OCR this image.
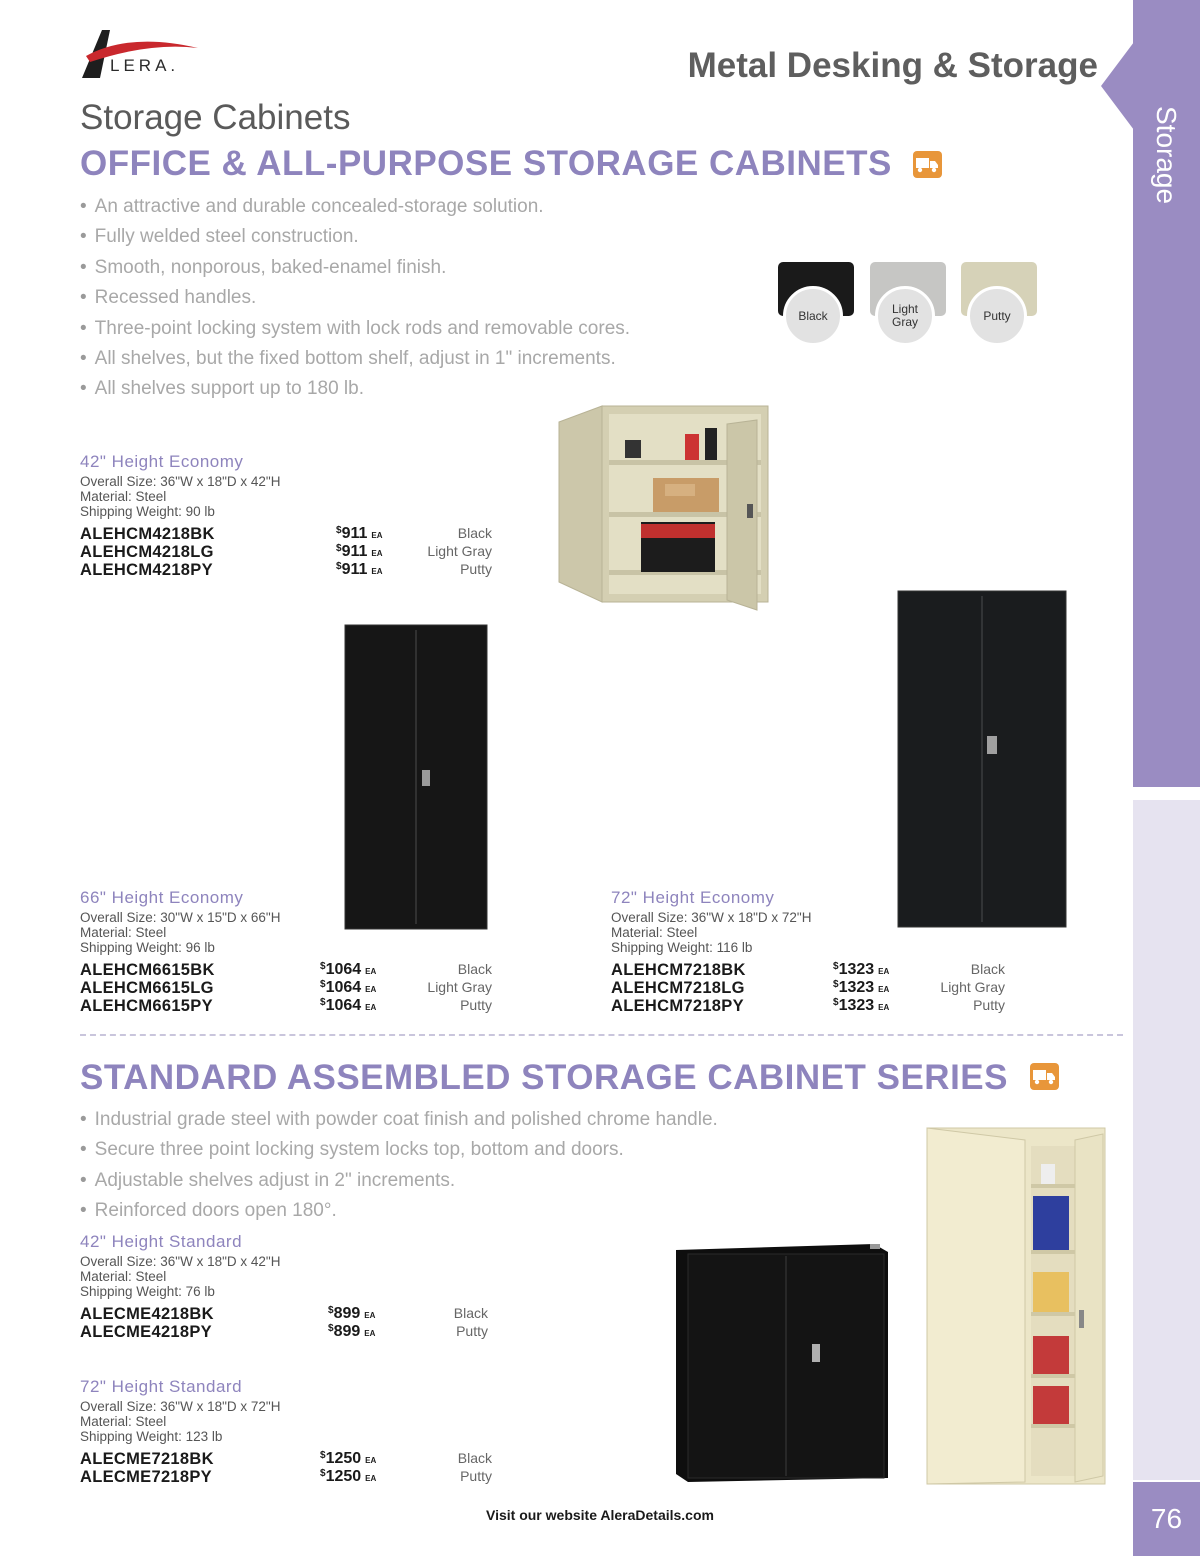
Storage
76
LERA.	Metal Desking & Storage
Storage Cabinets
OFFICE & ALL-PURPOSE STORAGE CABINETS
• An attractive and durable concealed-storage solution.
• Fully welded steel construction.
• Smooth, nonporous, baked-enamel finish.
• Recessed handles.
• Three-point locking system with lock rods and removable cores.
• All shelves, but the fixed bottom shelf, adjust in 1" increments.
• All shelves support up to 180 lb.
Black	Light
Gray	Putty
42" Height Economy
Overall Size: 36"W x 18"D x 42"H
Material: Steel
Shipping Weight: 90 lb
ALEHCM4218BK	$911 EA	Black
ALEHCM4218LG	$911 EA	Light Gray
ALEHCM4218PY	$911 EA	Putty
66" Height Economy
Overall Size: 30"W x 15"D x 66"H
Material: Steel
Shipping Weight: 96 lb
ALEHCM6615BK	$1064 EA	Black
ALEHCM6615LG	$1064 EA	Light Gray
ALEHCM6615PY	$1064 EA	Putty
72" Height Economy
Overall Size: 36"W x 18"D x 72"H
Material: Steel
Shipping Weight: 116 lb
ALEHCM7218BK	$1323 EA	Black
ALEHCM7218LG	$1323 EA	Light Gray
ALEHCM7218PY	$1323 EA	Putty
STANDARD ASSEMBLED STORAGE CABINET SERIES
• Industrial grade steel with powder coat finish and polished chrome handle.
• Secure three point locking system locks top, bottom and doors.
• Adjustable shelves adjust in 2" increments.
• Reinforced doors open 180°.
42" Height Standard
Overall Size: 36"W x 18"D x 42"H
Material: Steel
Shipping Weight: 76 lb
ALECME4218BK	$899 EA	Black
ALECME4218PY	$899 EA	Putty
72" Height Standard
Overall Size: 36"W x 18"D x 72"H
Material: Steel
Shipping Weight: 123 lb
ALECME7218BK	$1250 EA	Black
ALECME7218PY	$1250 EA	Putty
Visit our website AleraDetails.com
